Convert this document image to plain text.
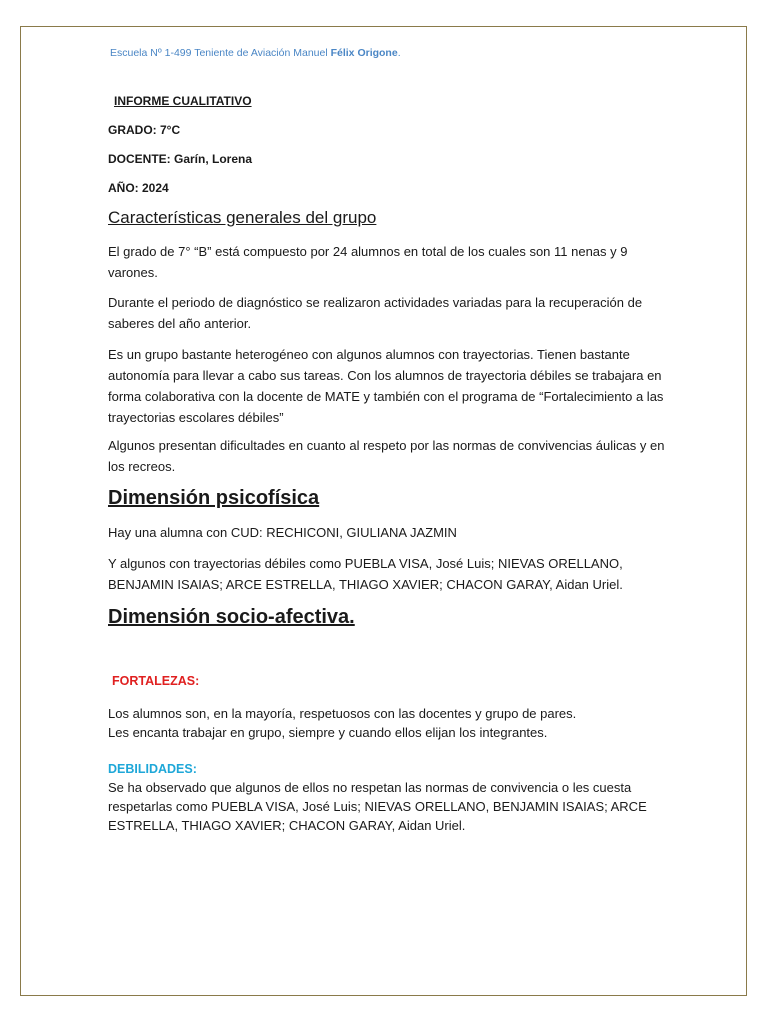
Escuela Nº 1-499 Teniente de Aviación Manuel Félix Origone.
INFORME CUALITATIVO
GRADO: 7°C
DOCENTE: Garín, Lorena
AÑO: 2024
Características generales del grupo
El grado de 7° “B” está compuesto por 24 alumnos en total de los cuales son 11 nenas y 9 varones.
Durante el periodo de diagnóstico se realizaron actividades variadas para la recuperación de saberes del año anterior.
Es un grupo bastante heterogéneo con algunos alumnos con trayectorias. Tienen bastante autonomía para llevar a cabo sus tareas. Con los alumnos de trayectoria débiles se trabajara en forma colaborativa con la docente de MATE y también con el programa de “Fortalecimiento a las trayectorias escolares débiles”
Algunos presentan dificultades en cuanto al respeto por las normas de convivencias áulicas y en los recreos.
Dimensión psicofísica
Hay una alumna con CUD: RECHICONI, GIULIANA JAZMIN
Y algunos con trayectorias débiles como PUEBLA VISA, José Luis; NIEVAS ORELLANO, BENJAMIN ISAIAS; ARCE ESTRELLA, THIAGO XAVIER; CHACON GARAY, Aidan Uriel.
Dimensión socio-afectiva.
FORTALEZAS:
Los alumnos son, en la mayoría, respetuosos con las docentes y grupo de pares.
Les encanta trabajar en grupo, siempre y cuando ellos elijan los integrantes.
DEBILIDADES:
Se ha observado que algunos de ellos no respetan las normas de convivencia o les cuesta respetarlas como PUEBLA VISA, José Luis; NIEVAS ORELLANO, BENJAMIN ISAIAS; ARCE ESTRELLA, THIAGO XAVIER; CHACON GARAY, Aidan Uriel.
